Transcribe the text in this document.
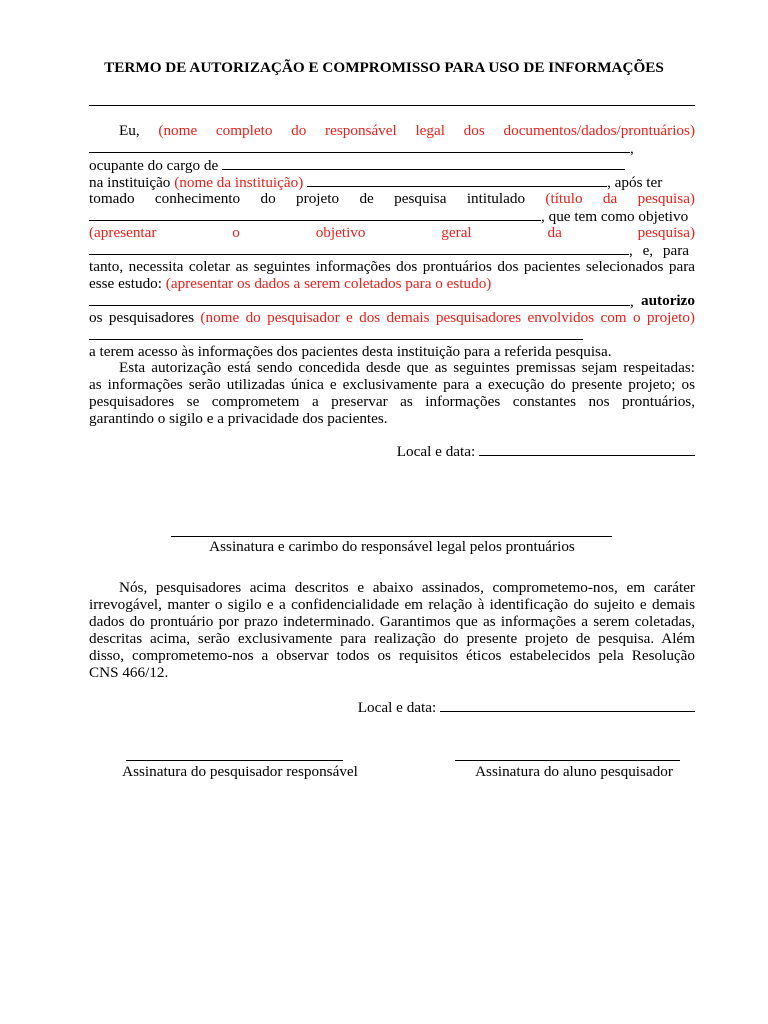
TERMO DE AUTORIZAÇÃO E COMPROMISSO PARA USO DE INFORMAÇÕES
Eu, (nome completo do responsável legal dos documentos/dados/prontuários)
,
ocupante do cargo de
na instituição (nome da instituição)	, após ter
tomado conhecimento do projeto de pesquisa intitulado (título da pesquisa)
, que tem como objetivo
(apresentar o objetivo geral da pesquisa)
, e, para
tanto, necessita coletar as seguintes informações dos prontuários dos pacientes selecionados para
esse estudo: (apresentar os dados a serem coletados para o estudo)
, autorizo
os pesquisadores (nome do pesquisador e dos demais pesquisadores envolvidos com o projeto)
a terem acesso às informações dos pacientes desta instituição para a referida pesquisa.
Esta autorização está sendo concedida desde que as seguintes premissas sejam respeitadas:
as informações serão utilizadas única e exclusivamente para a execução do presente projeto; os
pesquisadores se comprometem a preservar as informações constantes nos prontuários,
garantindo o sigilo e a privacidade dos pacientes.
Local e data:
Assinatura e carimbo do responsável legal pelos prontuários
Nós, pesquisadores acima descritos e abaixo assinados, comprometemo-nos, em caráter
irrevogável, manter o sigilo e a confidencialidade em relação à identificação do sujeito e demais
dados do prontuário por prazo indeterminado. Garantimos que as informações a serem coletadas,
descritas acima, serão exclusivamente para realização do presente projeto de pesquisa. Além
disso, comprometemo-nos a observar todos os requisitos éticos estabelecidos pela Resolução
CNS 466/12.
Local e data:
Assinatura do pesquisador responsável	Assinatura do aluno pesquisador
